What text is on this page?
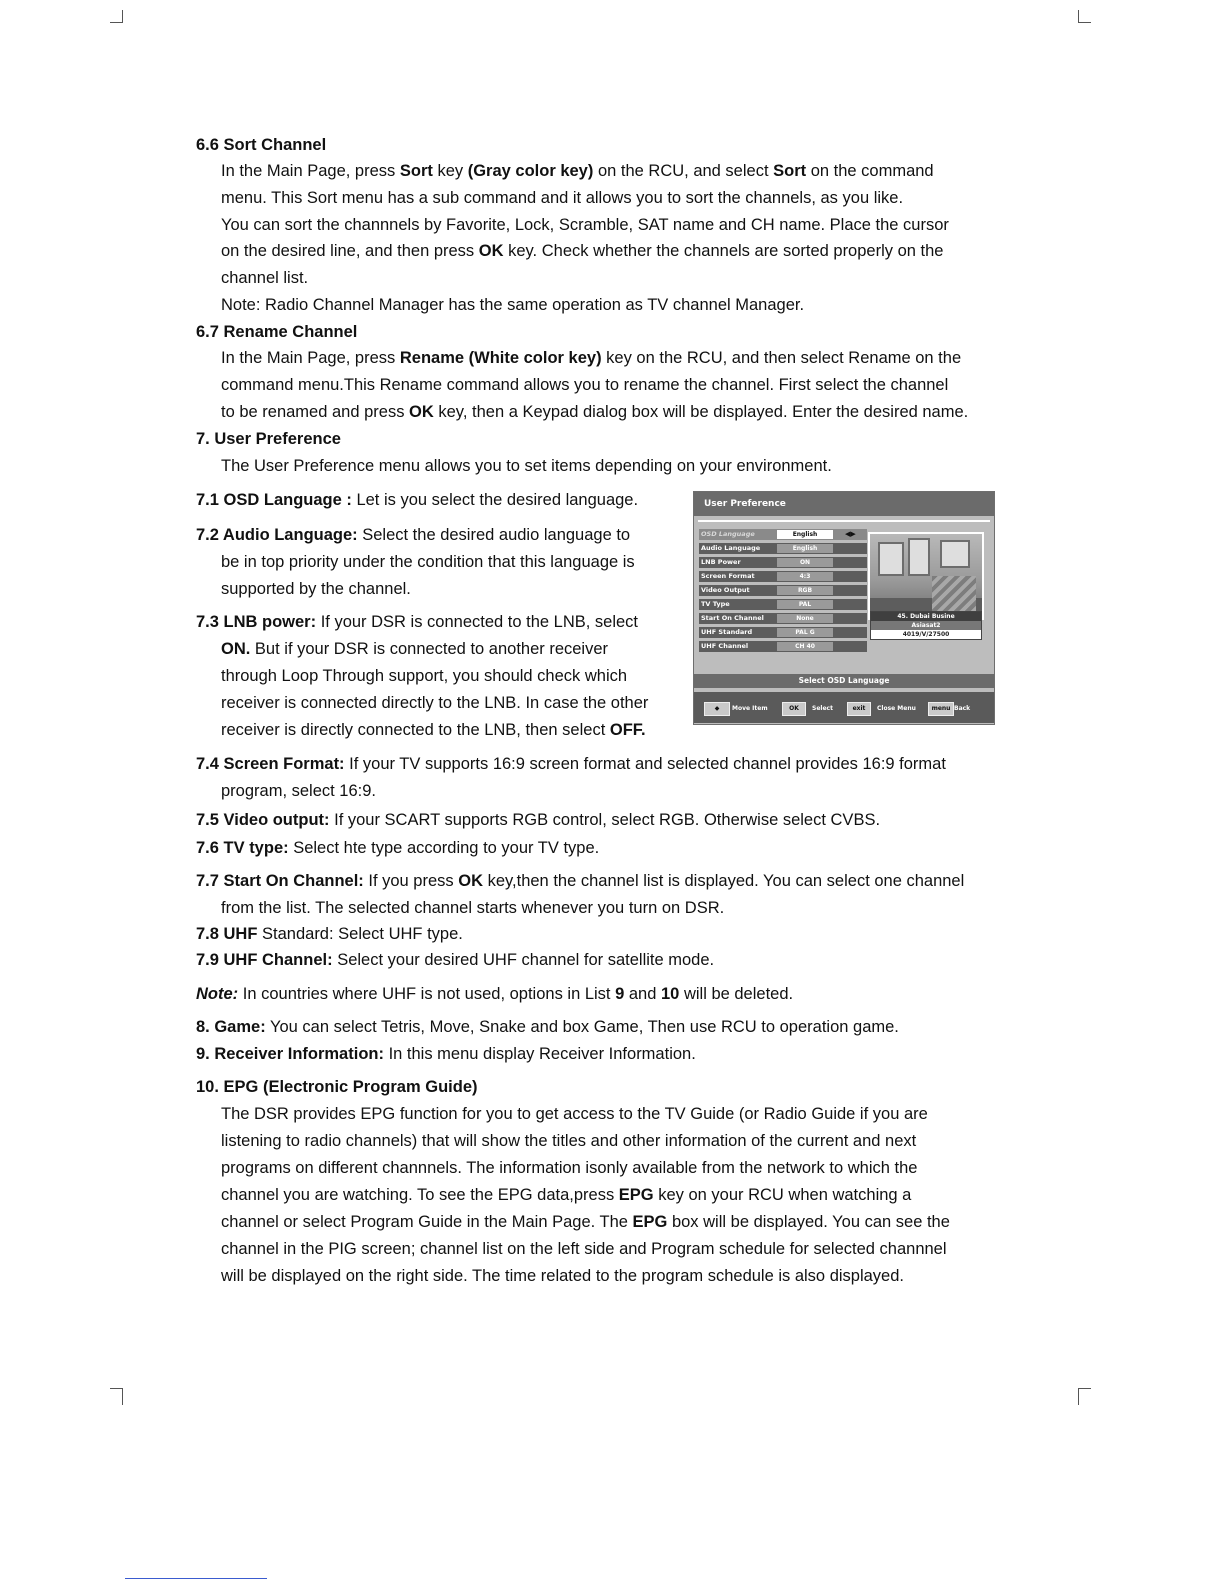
6.6 Sort Channel
In the Main Page, press Sort key (Gray color key) on the RCU, and select Sort on the command
menu. This Sort menu has a sub command and it allows you to sort the channels, as you like.
You can sort the channnels by Favorite, Lock, Scramble, SAT name and CH name. Place the cursor
on the desired line, and then press OK key. Check whether the channels are sorted properly on the
channel list.
Note: Radio Channel Manager has the same operation as TV channel Manager.
6.7 Rename Channel
In the Main Page, press Rename (White color key) key on the RCU, and then select Rename on the
command menu.This Rename command allows you to rename the channel. First select the channel
to be renamed and press OK key, then a Keypad dialog box will be displayed. Enter the desired name.
7. User Preference
The User Preference menu allows you to set items depending on your environment.
7.1 OSD Language : Let is you select the desired language.
7.2 Audio Language: Select the desired audio language to
be in top priority under the condition that this language is
supported by the channel.
7.3 LNB power: If your DSR is connected to the LNB, select
ON. But if your DSR is connected to another receiver
through Loop Through support, you should check which
receiver is connected directly to the LNB. In case the other
receiver is directly connected to the LNB, then select OFF.
7.4 Screen Format: If your TV supports 16:9 screen format and selected channel provides 16:9 format
program, select 16:9.
7.5 Video output: If your SCART supports RGB control, select RGB. Otherwise select CVBS.
7.6 TV type: Select hte type according to your TV type.
7.7 Start On Channel: If you press OK key,then the channel list is displayed. You can select one channel
from the list. The selected channel starts whenever you turn on DSR.
7.8 UHF Standard: Select UHF type.
7.9 UHF Channel: Select your desired UHF channel for satellite mode.
Note: In countries where UHF is not used, options in List 9 and 10 will be deleted.
8. Game: You can select Tetris, Move, Snake and box Game, Then use RCU to operation game.
9. Receiver Information: In this menu display Receiver Information.
10. EPG (Electronic Program Guide)
The DSR provides EPG function for you to get access to the TV Guide (or Radio Guide if you are
listening to radio channels) that will show the titles and other information of the current and next
programs on different channnels. The information isonly available from the network to which the
channel you are watching. To see the EPG data,press EPG key on your RCU when watching a
channel or select Program Guide in the Main Page. The EPG box will be displayed. You can see the
channel in the PIG screen; channel list on the left side and Program schedule for selected channnel
will be displayed on the right side. The time related to the program schedule is also displayed.
User Preference
OSD Language	English	◀▶
Audio Language	English
LNB Power	ON
Screen Format	4:3
Video Output	RGB
TV Type	PAL
Start On Channel	None
UHF Standard	PAL G
UHF Channel	CH 40
45. Dubai Busine
Asiasat2
4019/V/27500
Select OSD Language
◆	Move Item	OK	Select	exit	Close Menu	menu Back
